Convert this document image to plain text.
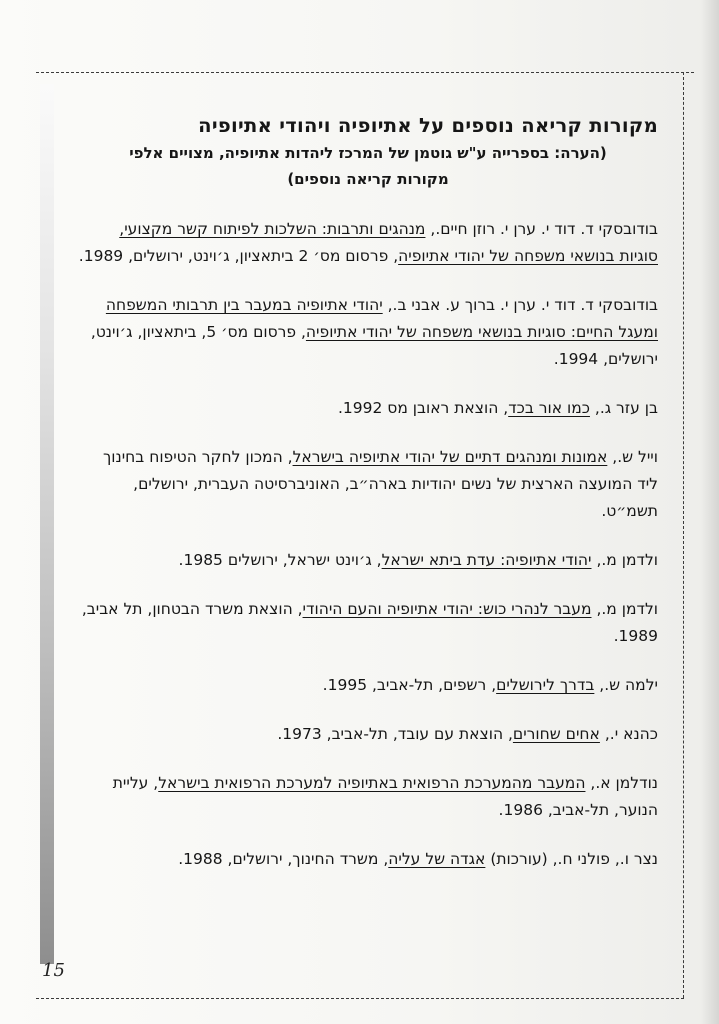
מקורות קריאה נוספים על אתיופיה ויהודי אתיופיה

(הערה: בספרייה ע"ש גוטמן של המרכז ליהדות אתיופיה, מצויים אלפי
מקורות קריאה נוספים)

בודובסקי ד. דוד י. ערן י. רוזן חיים., מנהגים ותרבות: השלכות לפיתוח קשר מקצועי, סוגיות בנושאי משפחה של יהודי אתיופיה, פרסום מס׳ 2 ביתאציון, ג׳וינט, ירושלים, 1989.
בודובסקי ד. דוד י. ערן י. ברוך ע. אבני ב., יהודי אתיופיה במעבר בין תרבותי המשפחה ומעגל החיים: סוגיות בנושאי משפחה של יהודי אתיופיה, פרסום מס׳ 5, ביתאציון, ג׳וינט, ירושלים, 1994.
בן עזר ג., כמו אור בכד, הוצאת ראובן מס 1992.
וייל ש., אמונות ומנהגים דתיים של יהודי אתיופיה בישראל, המכון לחקר הטיפוח בחינוך ליד המועצה הארצית של נשים יהודיות בארה״ב, האוניברסיטה העברית, ירושלים, תשמ״ט.
ולדמן מ., יהודי אתיופיה: עדת ביתא ישראל, ג׳וינט ישראל, ירושלים 1985.
ולדמן מ., מעבר לנהרי כוש: יהודי אתיופיה והעם היהודי, הוצאת משרד הבטחון, תל אביב, 1989.
ילמה ש., בדרך לירושלים, רשפים, תל-אביב, 1995.
כהנא י., אחים שחורים, הוצאת עם עובד, תל-אביב, 1973.
נודלמן א., המעבר מהמערכת הרפואית באתיופיה למערכת הרפואית בישראל, עליית הנוער, תל-אביב, 1986.
נצר ו., פולני ח., (עורכות) אגדה של עליה, משרד החינוך, ירושלים, 1988.
15
